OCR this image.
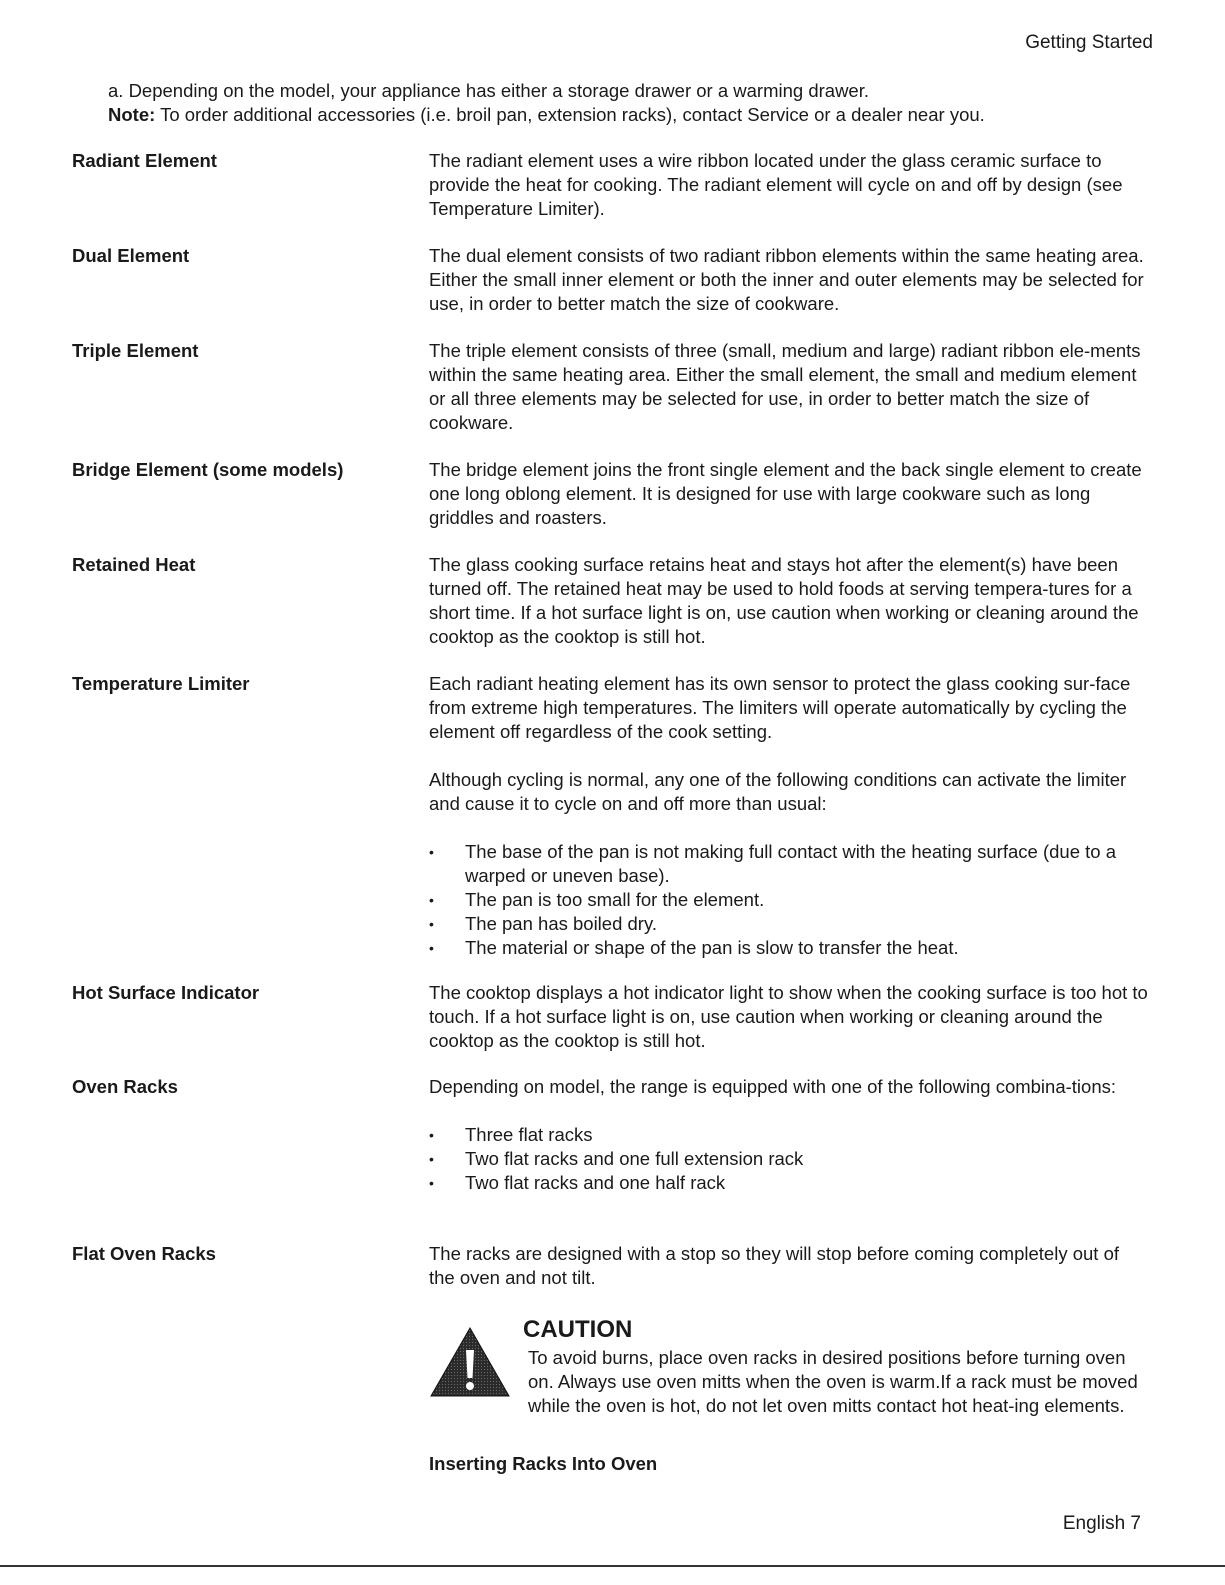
Getting Started

a. Depending on the model, your appliance has either a storage drawer or a warming drawer.

Note: To order additional accessories (i.e. broil pan, extension racks), contact Service or a dealer near you.

Radiant Element	The radiant element uses a wire ribbon located under the glass ceramic surface to provide the heat for cooking. The radiant element will cycle on and off by design (see Temperature Limiter).

Dual Element	The dual element consists of two radiant ribbon elements within the same heating area. Either the small inner element or both the inner and outer elements may be selected for use, in order to better match the size of cookware.

Triple Element	The triple element consists of three (small, medium and large) radiant ribbon ele-ments within the same heating area. Either the small element, the small and medium element or all three elements may be selected for use, in order to better match the size of cookware.

Bridge Element (some models)	The bridge element joins the front single element and the back single element to create one long oblong element. It is designed for use with large cookware such as long griddles and roasters.

Retained Heat	The glass cooking surface retains heat and stays hot after the element(s) have been turned off. The retained heat may be used to hold foods at serving tempera-tures for a short time. If a hot surface light is on, use caution when working or cleaning around the cooktop as the cooktop is still hot.

Temperature Limiter	Each radiant heating element has its own sensor to protect the glass cooking sur-face from extreme high temperatures. The limiters will operate automatically by cycling the element off regardless of the cook setting.

Although cycling is normal, any one of the following conditions can activate the limiter and cause it to cycle on and off more than usual:

• The base of the pan is not making full contact with the heating surface (due to a warped or uneven base).
• The pan is too small for the element.
• The pan has boiled dry.
• The material or shape of the pan is slow to transfer the heat.
Hot Surface Indicator	The cooktop displays a hot indicator light to show when the cooking surface is too hot to touch. If a hot surface light is on, use caution when working or cleaning around the cooktop as the cooktop is still hot.

Oven Racks	Depending on model, the range is equipped with one of the following combina-tions:

• Three flat racks
• Two flat racks and one full extension rack
• Two flat racks and one half rack
Flat Oven Racks	The racks are designed with a stop so they will stop before coming completely out of the oven and not tilt.

CAUTION
To avoid burns, place oven racks in desired positions before turning oven on. Always use oven mitts when the oven is warm.If a rack must be moved while the oven is hot, do not let oven mitts contact hot heat-ing elements.
Inserting Racks Into Oven
English 7
